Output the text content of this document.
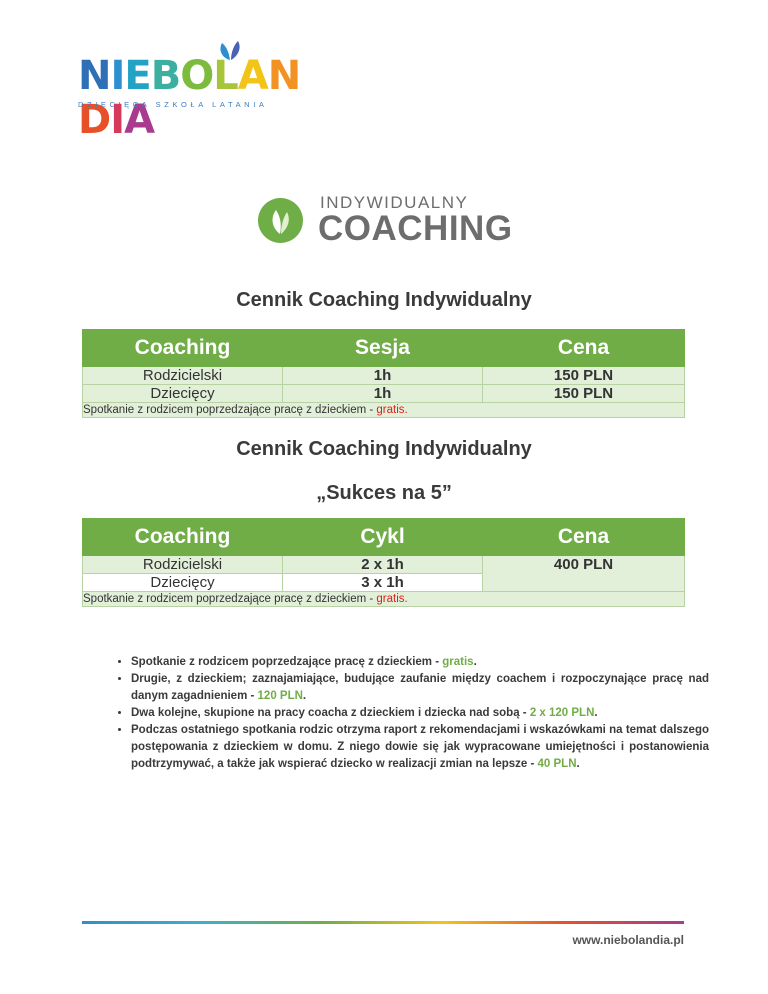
NIEBOLANDIA
DZIECIĘCA SZKOŁA LATANIA
INDYWIDUALNY
COACHING
Cennik Coaching Indywidualny
Coaching	Sesja	Cena
Rodzicielski	1h	150 PLN
Dziecięcy	1h	150 PLN
Spotkanie z rodzicem poprzedzające pracę z dzieckiem - gratis.		
Cennik Coaching Indywidualny
„Sukces na 5”
Coaching	Cykl	Cena
Rodzicielski	2 x 1h	400 PLN
Dziecięcy	3 x 1h	
Spotkanie z rodzicem poprzedzające pracę z dzieckiem - gratis.		
• Spotkanie z rodzicem poprzedzające pracę z dzieckiem - gratis.
• Drugie, z dzieckiem; zaznajamiające, budujące zaufanie między coachem i rozpoczynające pracę nad danym zagadnieniem - 120 PLN.
• Dwa kolejne, skupione na pracy coacha z dzieckiem i dziecka nad sobą - 2 x 120 PLN.
• Podczas ostatniego spotkania rodzic otrzyma raport z rekomendacjami i wskazówkami na temat dalszego postępowania z dzieckiem w domu. Z niego dowie się jak wypracowane umiejętności i postanowienia podtrzymywać, a także jak wspierać dziecko w realizacji zmian na lepsze - 40 PLN.
www.niebolandia.pl
